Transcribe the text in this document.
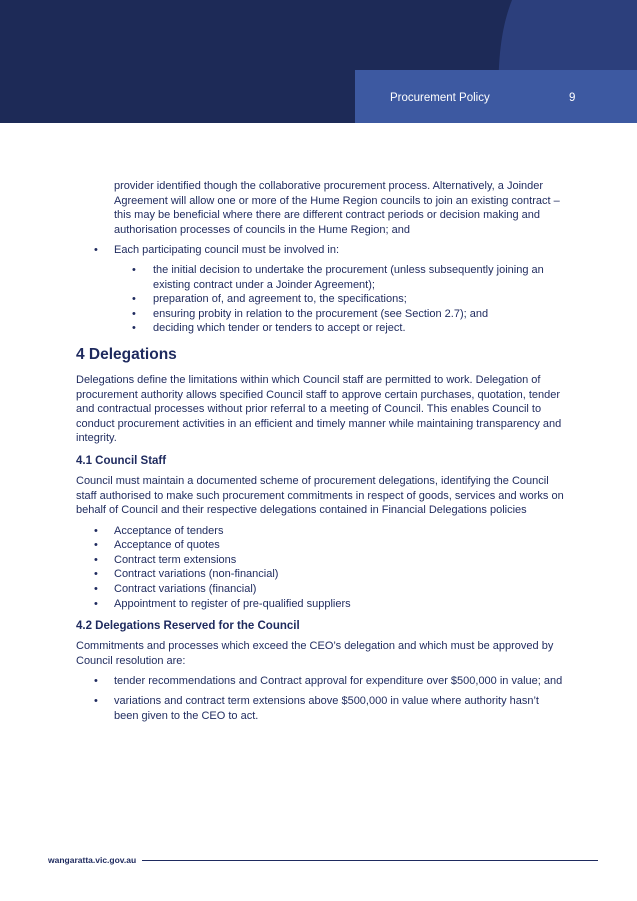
Procurement Policy	9

provider identified though the collaborative procurement process. Alternatively, a Joinder Agreement will allow one or more of the Hume Region councils to join an existing contract – this may be beneficial where there are different contract periods or decision making and authorisation processes of councils in the Hume Region; and

• Each participating council must be involved in:
• the initial decision to undertake the procurement (unless subsequently joining an existing contract under a Joinder Agreement);
• preparation of, and agreement to, the specifications;
• ensuring probity in relation to the procurement (see Section 2.7); and
• deciding which tender or tenders to accept or reject.
4 Delegations

Delegations define the limitations within which Council staff are permitted to work. Delegation of procurement authority allows specified Council staff to approve certain purchases, quotation, tender and contractual processes without prior referral to a meeting of Council. This enables Council to conduct procurement activities in an efficient and timely manner while maintaining transparency and integrity.

4.1 Council Staff

Council must maintain a documented scheme of procurement delegations, identifying the Council staff authorised to make such procurement commitments in respect of goods, services and works on behalf of Council and their respective delegations contained in Financial Delegations policies

• Acceptance of tenders
• Acceptance of quotes
• Contract term extensions
• Contract variations (non-financial)
• Contract variations (financial)
• Appointment to register of pre-qualified suppliers
4.2 Delegations Reserved for the Council

Commitments and processes which exceed the CEO’s delegation and which must be approved by Council resolution are:

• tender recommendations and Contract approval for expenditure over $500,000 in value; and
• variations and contract term extensions above $500,000 in value where authority hasn’t been given to the CEO to act.
wangaratta.vic.gov.au
